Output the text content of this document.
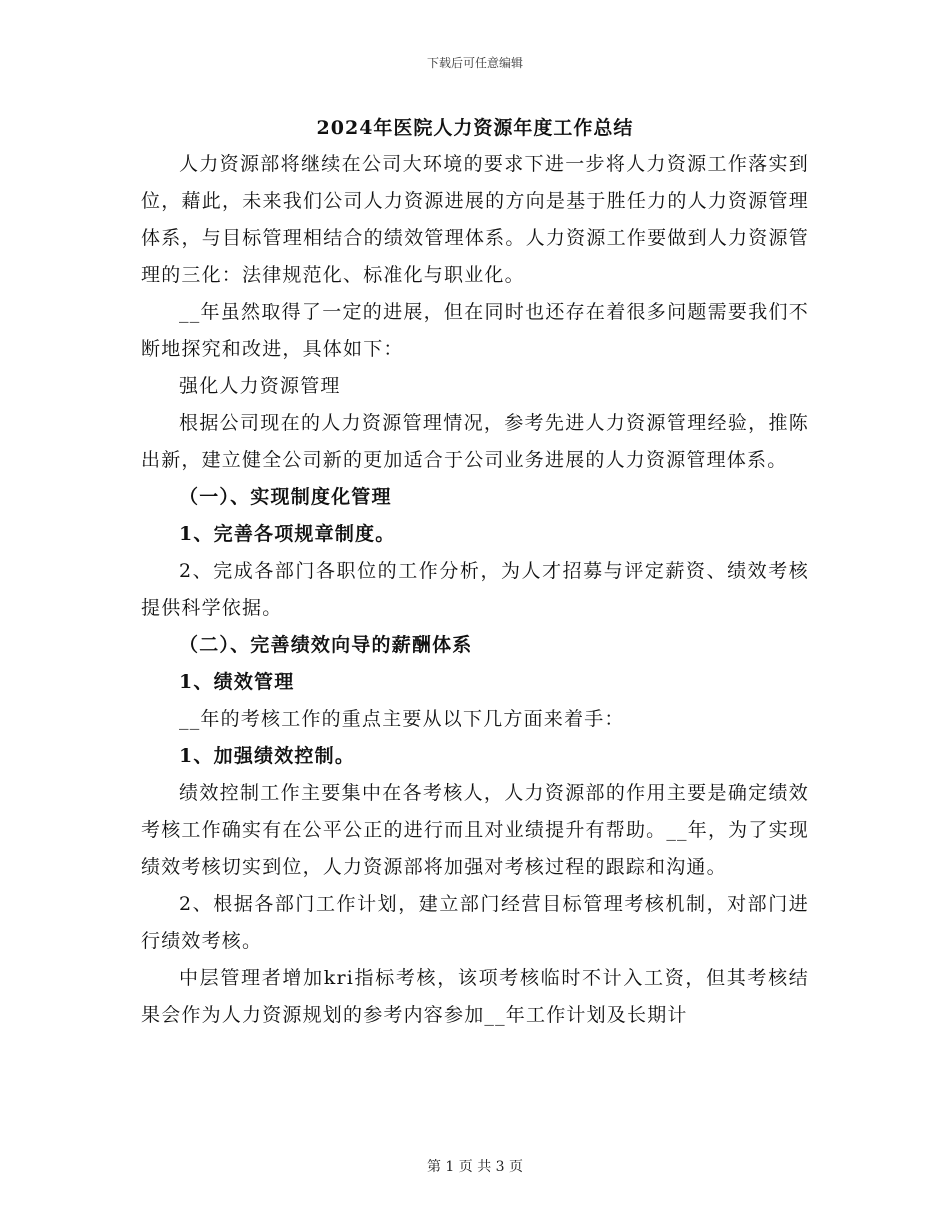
下载后可任意编辑
2024年医院人力资源年度工作总结

人力资源部将继续在公司大环境的要求下进一步将人力资源工作落实到位，藉此，未来我们公司人力资源进展的方向是基于胜任力的人力资源管理体系，与目标管理相结合的绩效管理体系。人力资源工作要做到人力资源管理的三化：法律规范化、标准化与职业化。

__年虽然取得了一定的进展，但在同时也还存在着很多问题需要我们不断地探究和改进，具体如下：

强化人力资源管理

根据公司现在的人力资源管理情况，参考先进人力资源管理经验，推陈出新，建立健全公司新的更加适合于公司业务进展的人力资源管理体系。

（一）、实现制度化管理

1、完善各项规章制度。

2、完成各部门各职位的工作分析，为人才招募与评定薪资、绩效考核提供科学依据。

（二）、完善绩效向导的薪酬体系

1、绩效管理

__年的考核工作的重点主要从以下几方面来着手：

1、加强绩效控制。

绩效控制工作主要集中在各考核人，人力资源部的作用主要是确定绩效考核工作确实有在公平公正的进行而且对业绩提升有帮助。__年，为了实现绩效考核切实到位，人力资源部将加强对考核过程的跟踪和沟通。

2、根据各部门工作计划，建立部门经营目标管理考核机制，对部门进行绩效考核。

中层管理者增加kri指标考核，该项考核临时不计入工资，但其考核结果会作为人力资源规划的参考内容参加__年工作计划及长期计

第 1 页 共 3 页
